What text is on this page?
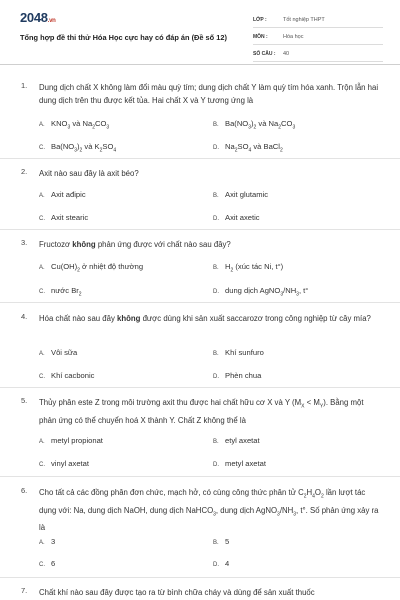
2048.vn
Tổng hợp đề thi thử Hóa Học cực hay có đáp án (Đề số 12)
LỚP :	Tốt nghiệp THPT
MÔN :	Hóa học
SỐ CÂU :	40
1. Dung dịch chất X không làm đổi màu quỳ tím; dung dịch chất Y làm quỳ tím hóa xanh. Trộn lẫn hai dung dịch trên thu được kết tủa. Hai chất X và Y tương ứng là
A. $KNO_3$ và $Na_2CO_3$	B. $Ba(NO_3)_2$ và $Na_2CO_3$
C. $Ba(NO_3)_2$ và $K_2SO_4$	D. $Na_2SO_4$ và BaCl$_2$
2. Axit nào sau đây là axit béo?
A. Axit ađipic	B. Axit glutamic
C. Axit stearic	D. Axit axetic
3. Fructozơ không phản ứng được với chất nào sau đây?
A. $Cu(OH)_2$ ở nhiệt độ thường	B. $H_2$ (xúc tác Ni, t°)
C. nước $Br_2$	D. dung dịch $AgNO_3/NH_3$, t°
4. Hóa chất nào sau đây không được dùng khi sản xuất saccarozơ trong công nghiệp từ cây mía?
A. Vôi sữa	B. Khí sunfuro
C. Khí cacbonic	D. Phèn chua
5. Thủy phân este Z trong môi trường axit thu được hai chất hữu cơ X và Y $(M_X < M_Y)$. Bằng một phản ứng có thể chuyển hoá X thành Y. Chất Z không thể là
A. metyl propionat	B. etyl axetat
C. vinyl axetat	D. metyl axetat
6. Cho tất cả các đồng phân đơn chức, mạch hở, có cùng công thức phân tử $C_2H_4O_2$ lần lượt tác dụng với: Na, dung dịch NaOH, dung dịch NaHCO$_3$, dung dịch $AgNO_3/NH_3$, t°. Số phản ứng xảy ra là
A. 3	B. 5
C. 6	D. 4
7. Chất khí nào sau đây được tạo ra từ bình chữa cháy và dùng để sản xuất thuốc
